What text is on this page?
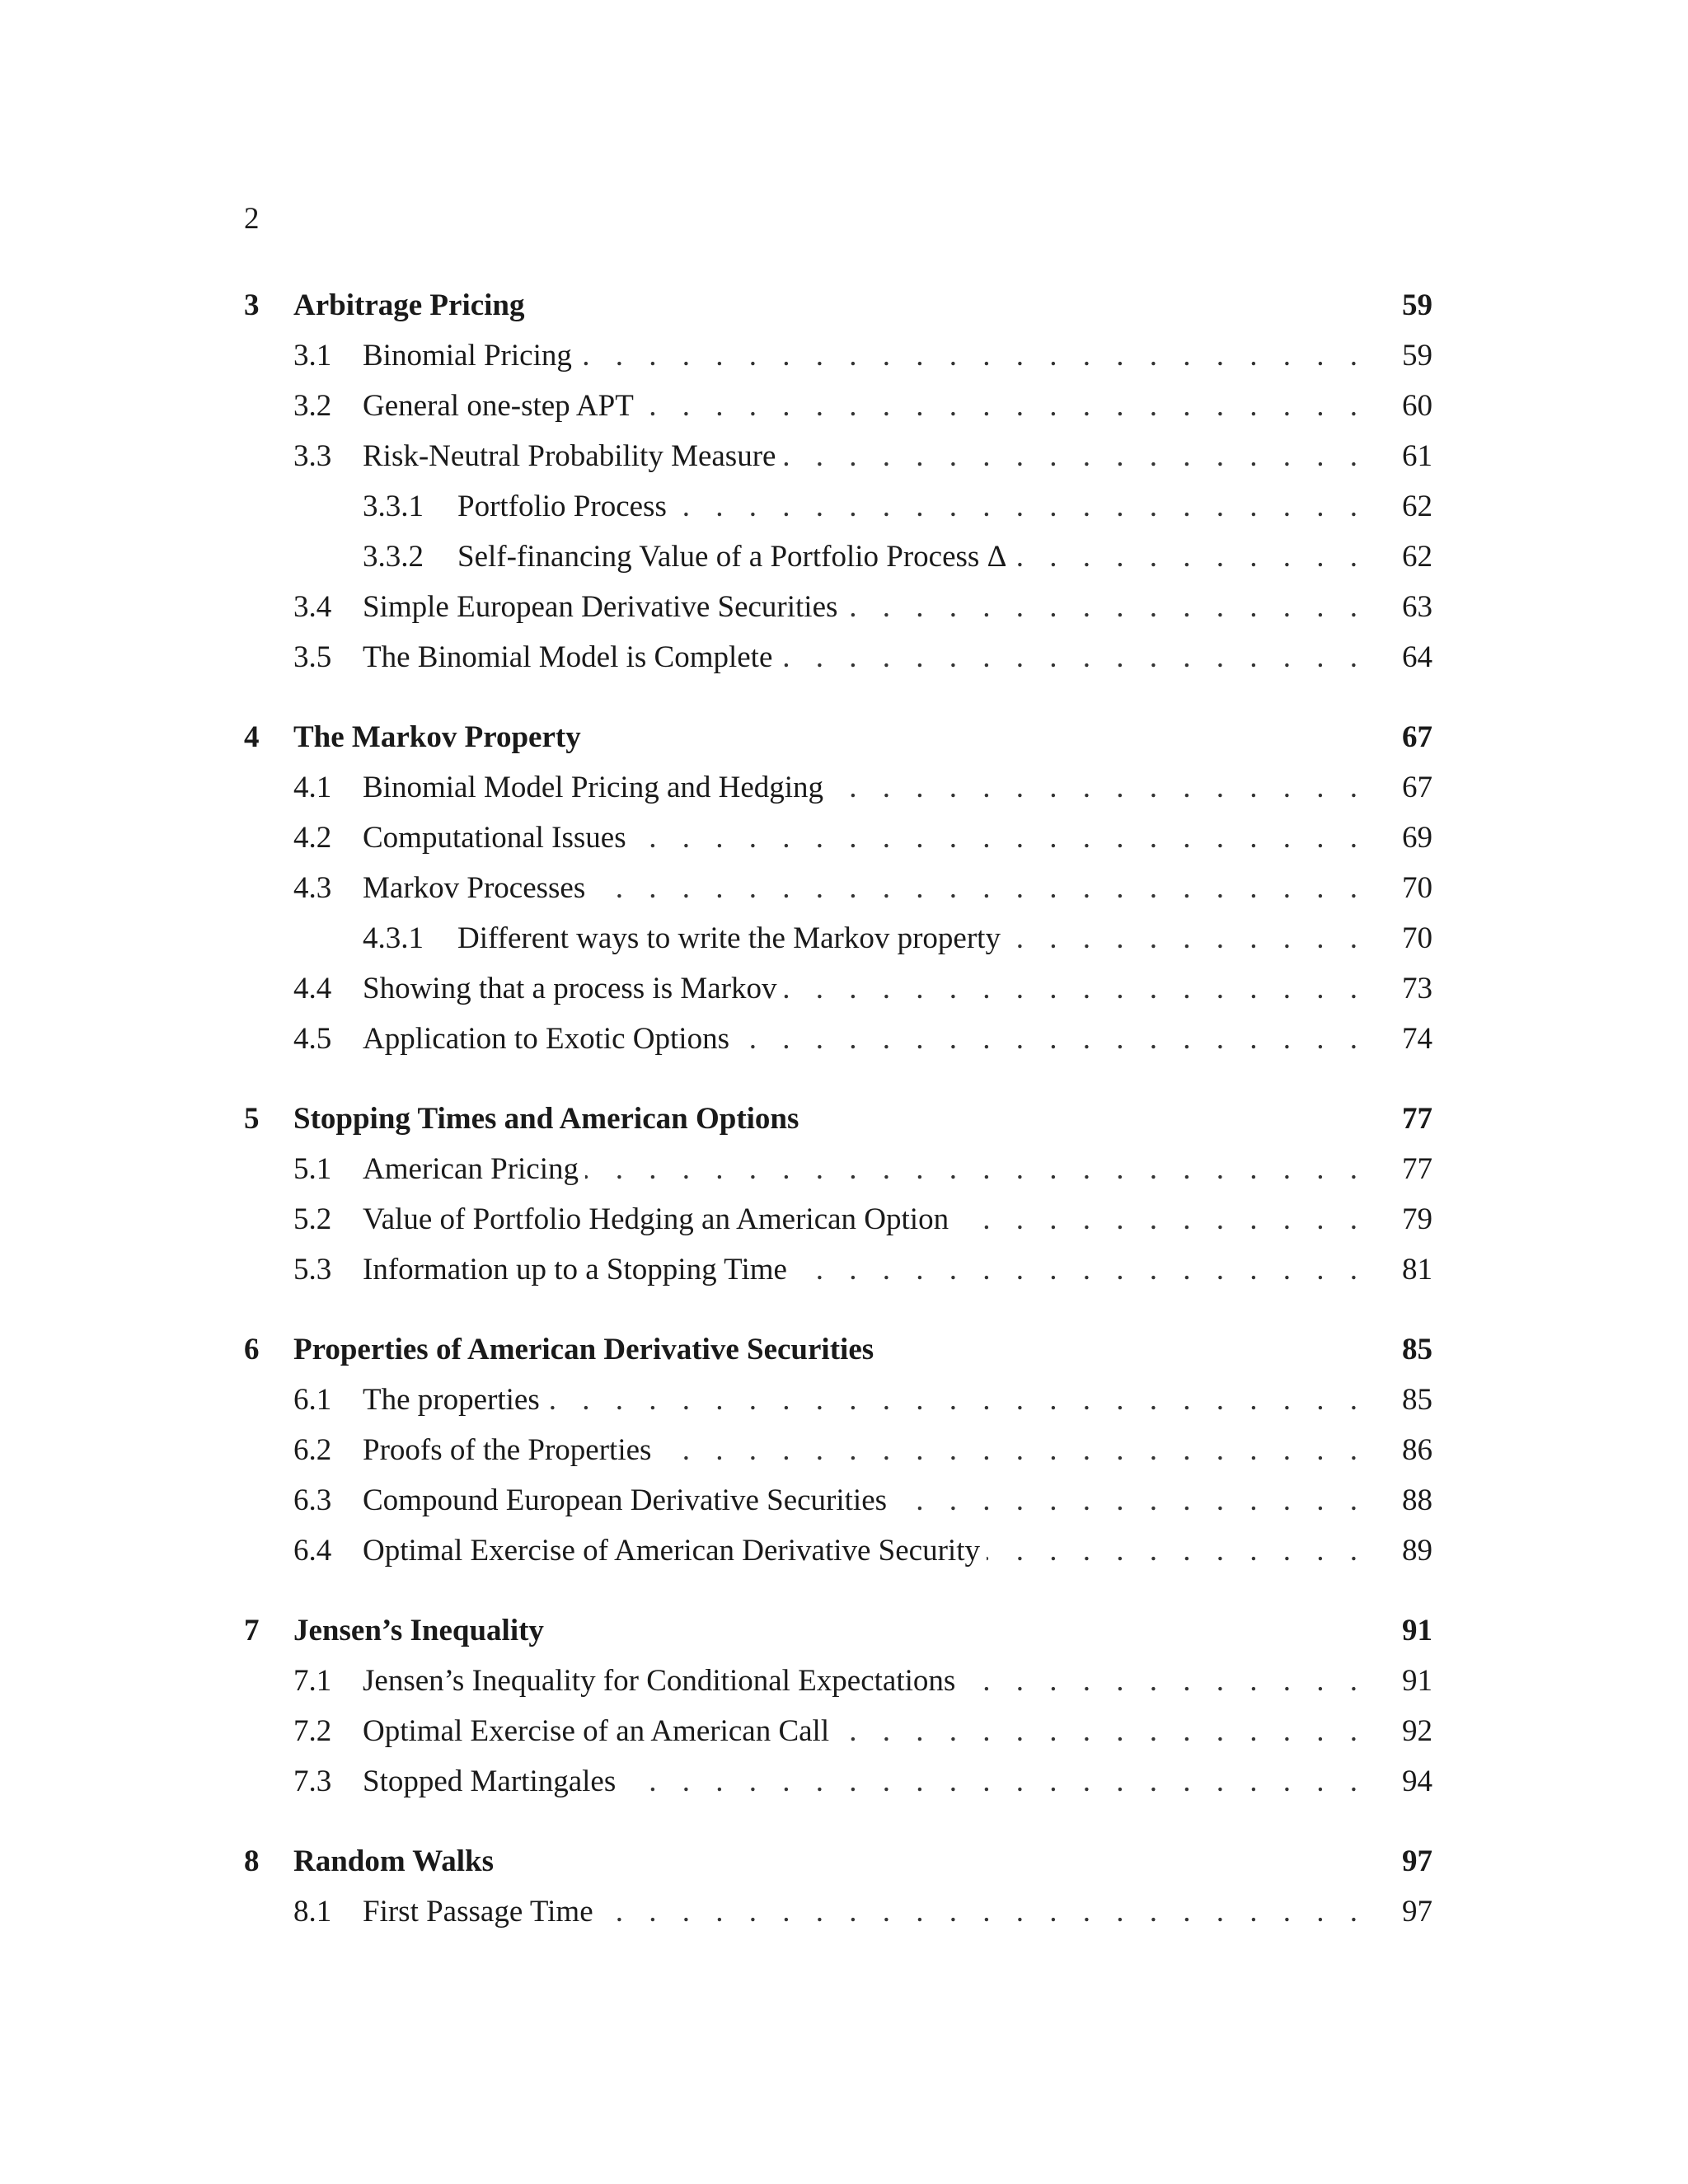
2
3	Arbitrage Pricing	59
3.1	Binomial Pricing . . .	59
3.2	General one-step APT . . .	60
3.3	Risk-Neutral Probability Measure . . .	61
3.3.1	Portfolio Process . . .	62
3.3.2	Self-financing Value of a Portfolio Process Δ . . .	62
3.4	Simple European Derivative Securities . . .	63
3.5	The Binomial Model is Complete . . .	64
4	The Markov Property	67
4.1	Binomial Model Pricing and Hedging . . .	67
4.2	Computational Issues . . .	69
4.3	Markov Processes . . .	70
4.3.1	Different ways to write the Markov property . . .	70
4.4	Showing that a process is Markov . . .	73
4.5	Application to Exotic Options . . .	74
5	Stopping Times and American Options	77
5.1	American Pricing . . .	77
5.2	Value of Portfolio Hedging an American Option . . .	79
5.3	Information up to a Stopping Time . . .	81
6	Properties of American Derivative Securities	85
6.1	The properties . . .	85
6.2	Proofs of the Properties . . .	86
6.3	Compound European Derivative Securities . . .	88
6.4	Optimal Exercise of American Derivative Security . . .	89
7	Jensen’s Inequality	91
7.1	Jensen’s Inequality for Conditional Expectations . . .	91
7.2	Optimal Exercise of an American Call . . .	92
7.3	Stopped Martingales . . .	94
8	Random Walks	97
8.1	First Passage Time . . .	97
